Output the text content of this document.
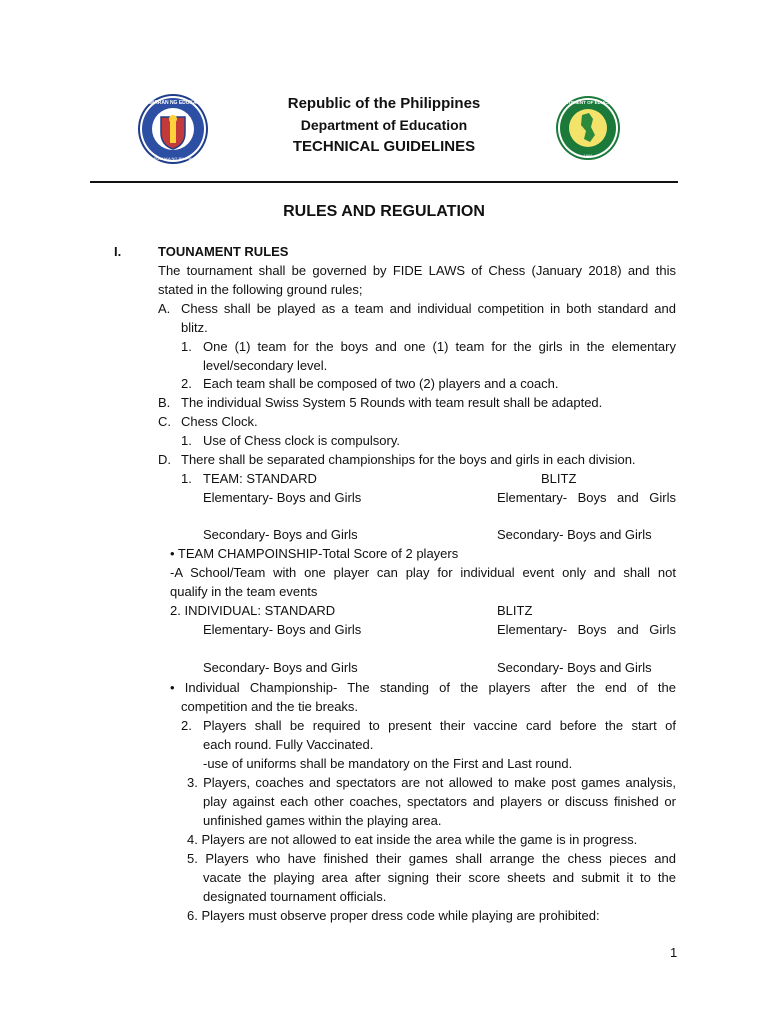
KAGAWARAN NG EDUKASYON
REPUBLIKA NG PILIPINAS
DEPARTMENT OF EDUCATION
1966
Republic of the Philippines
Department of Education
TECHNICAL GUIDELINES
RULES AND REGULATION
I.	TOUNAMENT RULES
The tournament shall be governed by FIDE LAWS of Chess (January 2018) and this
stated in the following ground rules;
A. Chess shall be played as a team and individual competition in both standard and
blitz.
1. One (1) team for the boys and one (1) team for the girls in the elementary
level/secondary level.
2. Each team shall be composed of two (2) players and a coach.
B. The individual Swiss System 5 Rounds with team result shall be adapted.
C. Chess Clock.
1. Use of Chess clock is compulsory.
D. There shall be separated championships for the boys and girls in each division.
1. TEAM: STANDARD	BLITZ
Elementary- Boys and Girls	Elementary- Boys and Girls
Secondary- Boys and Girls	Secondary- Boys and Girls
• TEAM CHAMPOINSHIP-Total Score of 2 players
-A School/Team with one player can play for individual event only and shall not
qualify in the team events
2. INDIVIDUAL: STANDARD	BLITZ
Elementary- Boys and Girls	Elementary- Boys and Girls
Secondary- Boys and Girls	Secondary- Boys and Girls
• Individual Championship- The standing of the players after the end of the
competition and the tie breaks.
2. Players shall be required to present their vaccine card before the start of
each round. Fully Vaccinated.
-use of uniforms shall be mandatory on the First and Last round.
3. Players, coaches and spectators are not allowed to make post games analysis,
play against each other coaches, spectators and players or discuss finished or
unfinished games within the playing area.
4. Players are not allowed to eat inside the area while the game is in progress.
5. Players who have finished their games shall arrange the chess pieces and
vacate the playing area after signing their score sheets and submit it to the
designated tournament officials.
6. Players must observe proper dress code while playing are prohibited:
1
